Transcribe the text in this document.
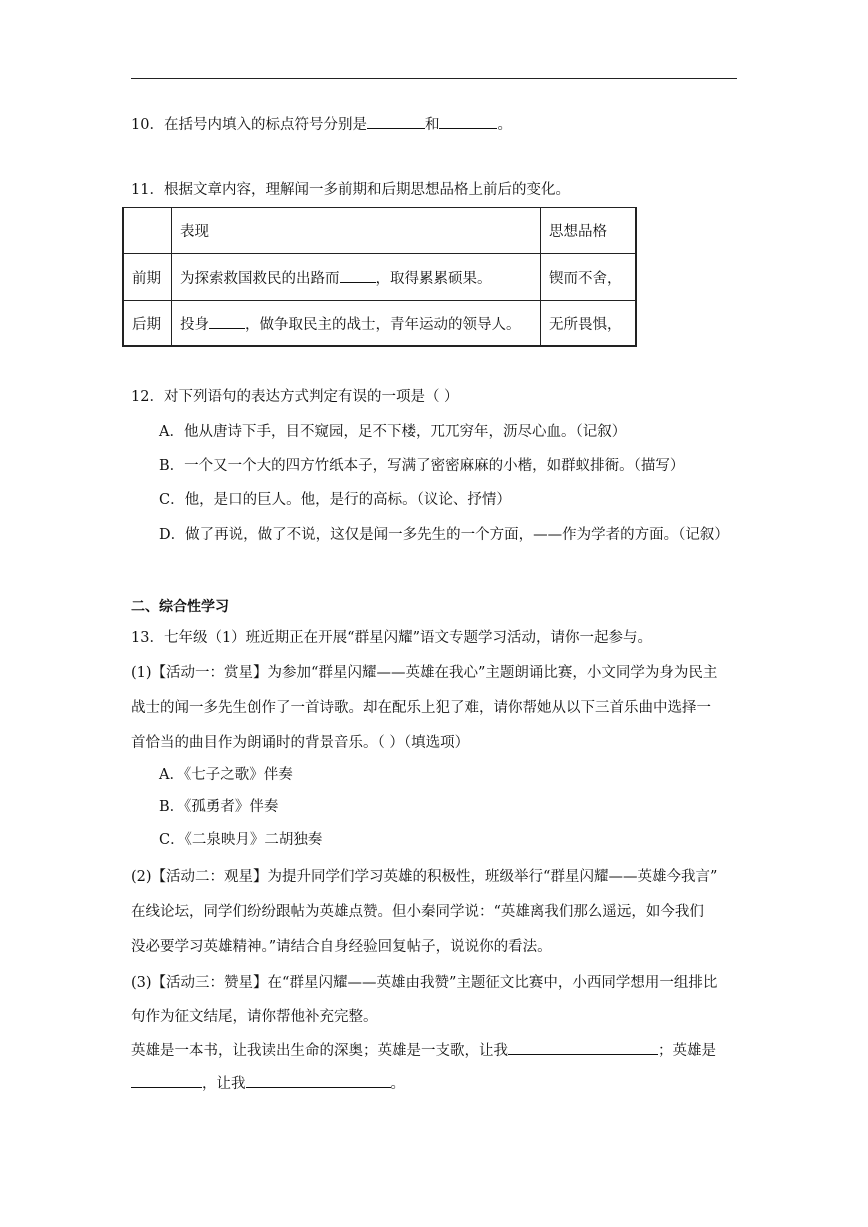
10．在括号内填入的标点符号分别是	和	。
11．根据文章内容，理解闻一多前期和后期思想品格上前后的变化。
	表现	思想品格
前期	为探索救国救民的出路而 ，取得累累硕果。	锲而不舍，
后期	投身 ，做争取民主的战士，青年运动的领导人。	无所畏惧，
12．对下列语句的表达方式判定有误的一项是（ ）
A．他从唐诗下手，目不窥园，足不下楼，兀兀穷年，沥尽心血。（记叙）
B．一个又一个大的四方竹纸本子，写满了密密麻麻的小楷，如群蚁排衙。（描写）
C．他，是口的巨人。他，是行的高标。（议论、抒情）
D．做了再说，做了不说，这仅是闻一多先生的一个方面，——作为学者的方面。（记叙）
二、综合性学习
13．七年级（1）班近期正在开展“群星闪耀”语文专题学习活动，请你一起参与。
(1)【活动一：赏星】为参加“群星闪耀——英雄在我心”主题朗诵比赛，小文同学为身为民主
战士的闻一多先生创作了一首诗歌。却在配乐上犯了难，请你帮她从以下三首乐曲中选择一
首恰当的曲目作为朗诵时的背景音乐。（ ）（填选项）
A．《七子之歌》伴奏
B．《孤勇者》伴奏
C．《二泉映月》二胡独奏
(2)【活动二：观星】为提升同学们学习英雄的积极性，班级举行“群星闪耀——英雄今我言”
在线论坛，同学们纷纷跟帖为英雄点赞。但小秦同学说：“英雄离我们那么遥远，如今我们
没必要学习英雄精神。”请结合自身经验回复帖子，说说你的看法。
(3)【活动三：赞星】在“群星闪耀——英雄由我赞”主题征文比赛中，小西同学想用一组排比
句作为征文结尾，请你帮他补充完整。
英雄是一本书，让我读出生命的深奥；英雄是一支歌，让我	；英雄是
，让我	。
